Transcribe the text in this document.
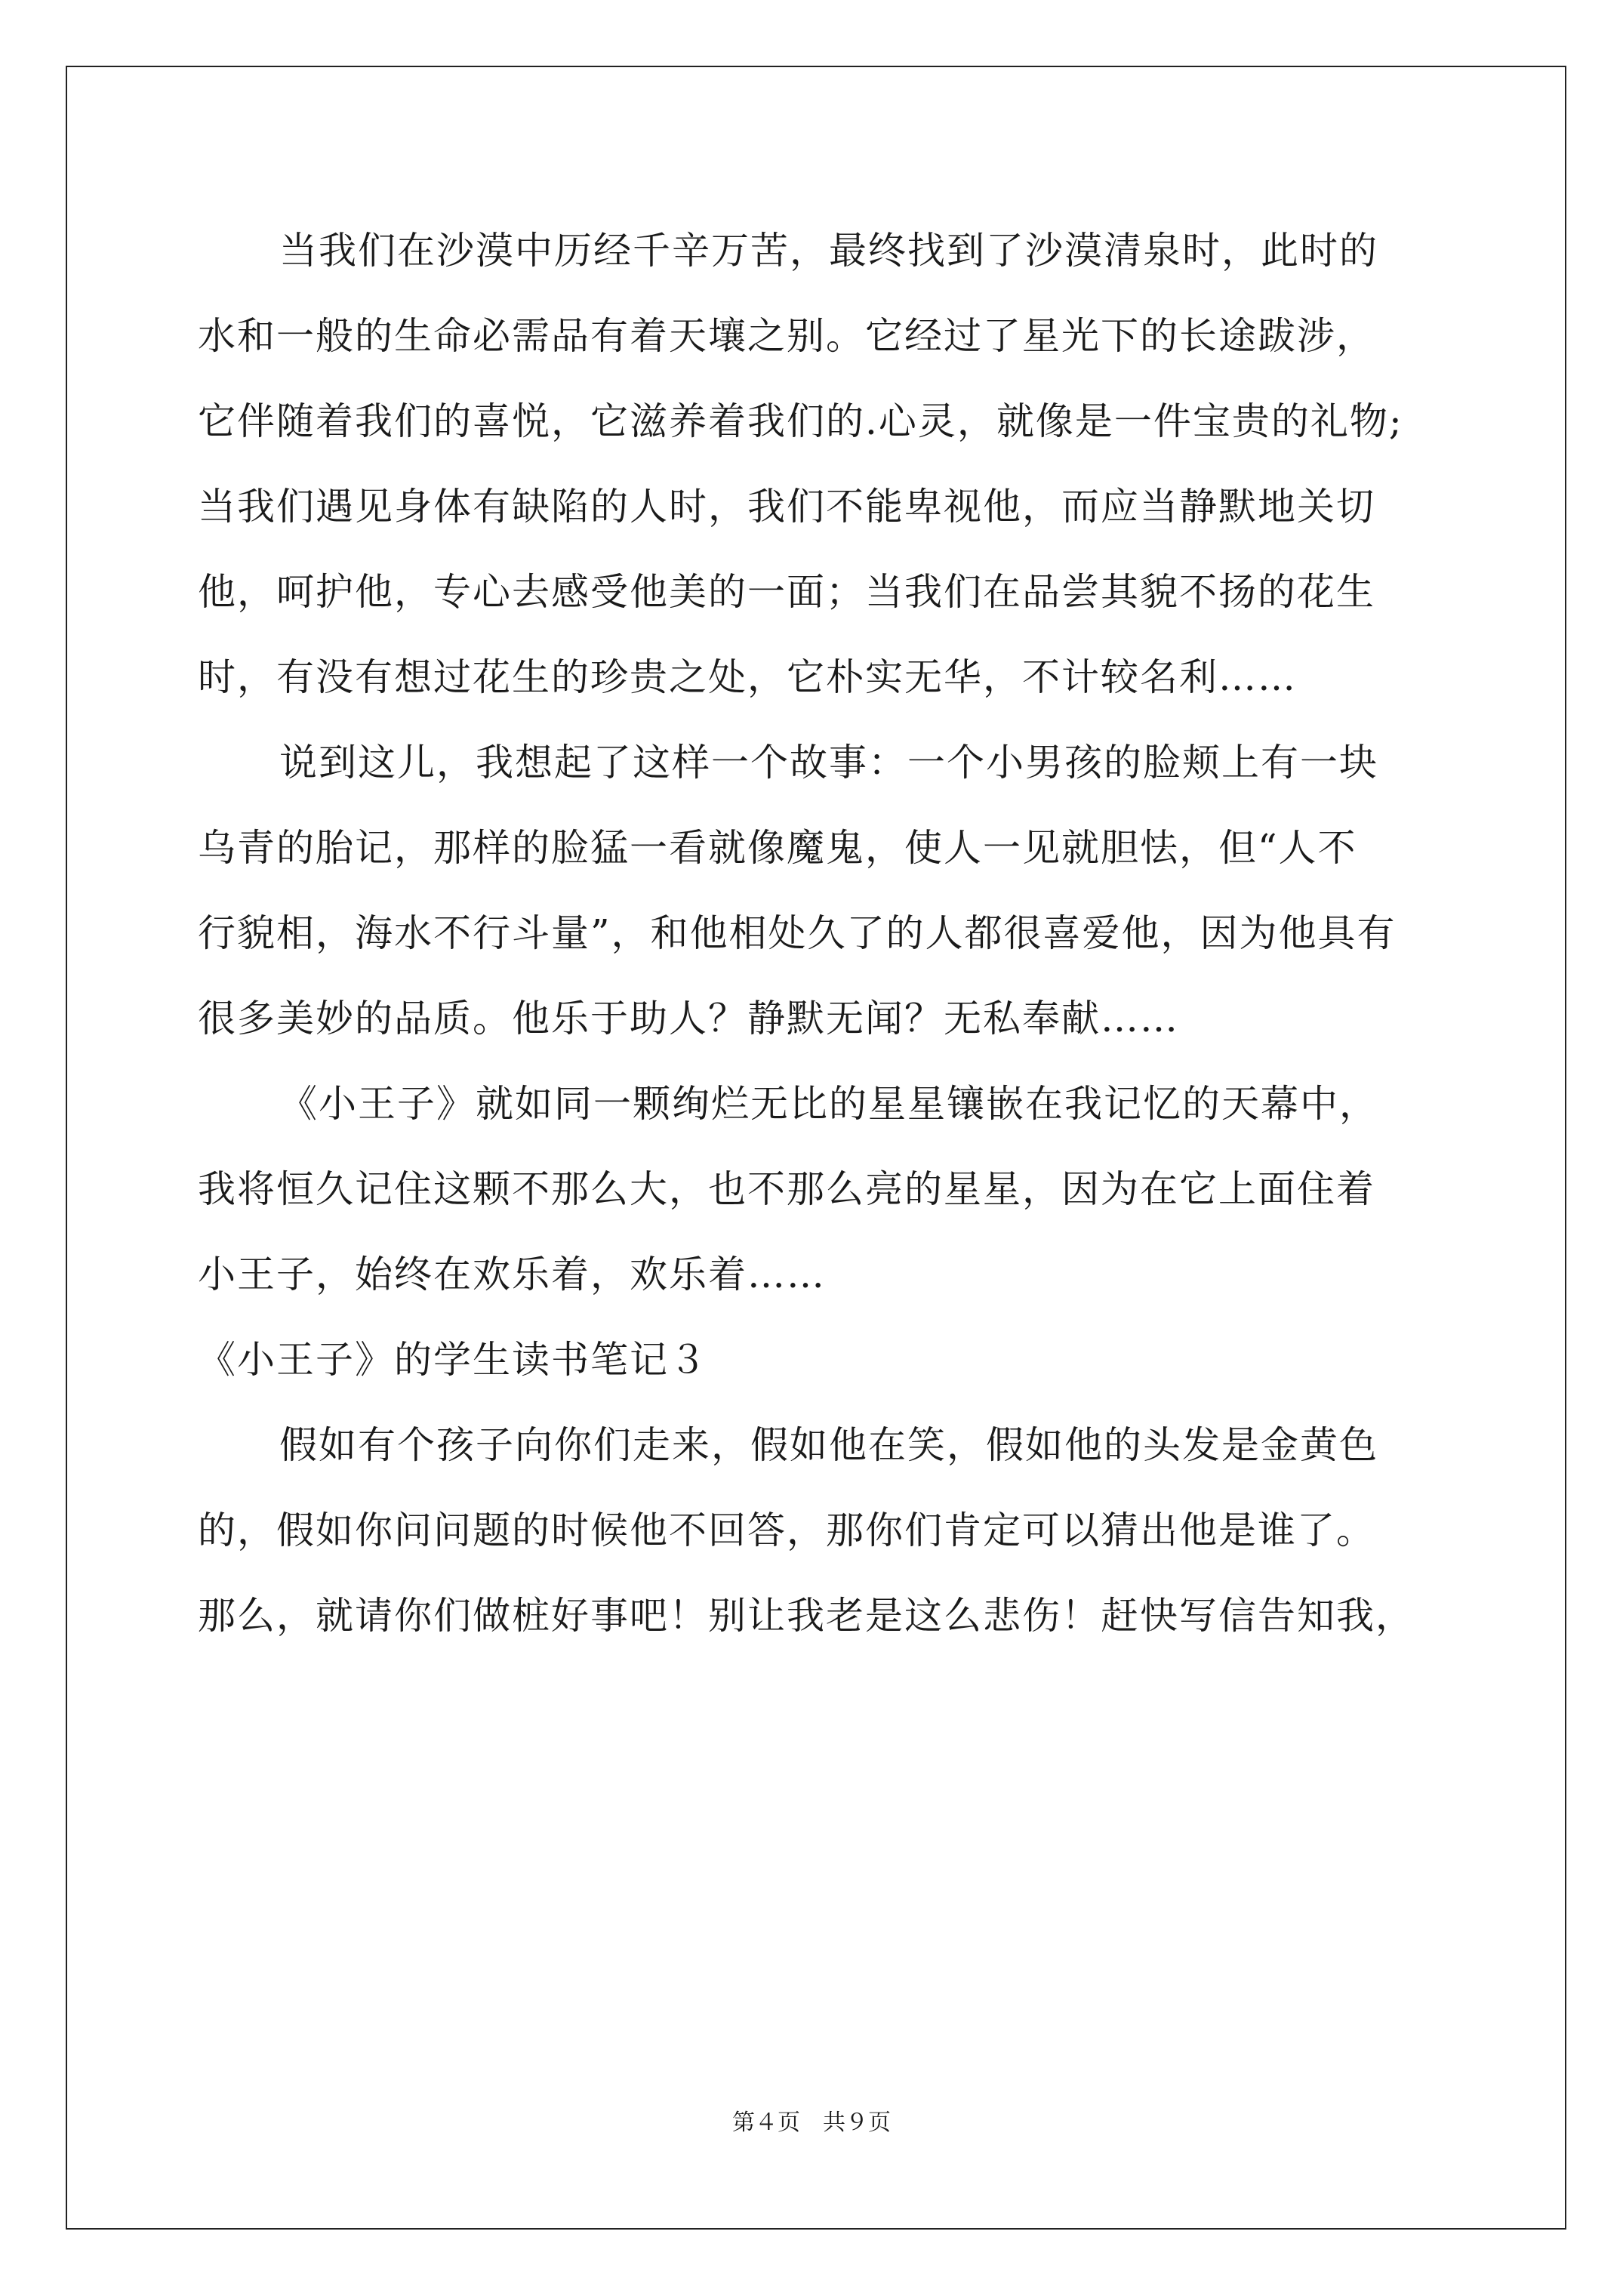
当我们在沙漠中历经千辛万苦，最终找到了沙漠清泉时，此时的
水和一般的生命必需品有着天壤之别。它经过了星光下的长途跋涉，
它伴随着我们的喜悦，它滋养着我们的.心灵，就像是一件宝贵的礼物;
当我们遇见身体有缺陷的人时，我们不能卑视他，而应当静默地关切
他，呵护他，专心去感受他美的一面；当我们在品尝其貌不扬的花生
时，有没有想过花生的珍贵之处，它朴实无华，不计较名利……
说到这儿，我想起了这样一个故事：一个小男孩的脸颊上有一块
乌青的胎记，那样的脸猛一看就像魔鬼，使人一见就胆怯，但“人不
行貌相，海水不行斗量”，和他相处久了的人都很喜爱他，因为他具有
很多美妙的品质。他乐于助人？静默无闻？无私奉献……
《小王子》就如同一颗绚烂无比的星星镶嵌在我记忆的天幕中，
我将恒久记住这颗不那么大，也不那么亮的星星，因为在它上面住着
小王子，始终在欢乐着，欢乐着……
《小王子》的学生读书笔记３
假如有个孩子向你们走来，假如他在笑，假如他的头发是金黄色
的，假如你问问题的时候他不回答，那你们肯定可以猜出他是谁了。
那么，就请你们做桩好事吧！别让我老是这么悲伤！赶快写信告知我，
第４页　共９页
